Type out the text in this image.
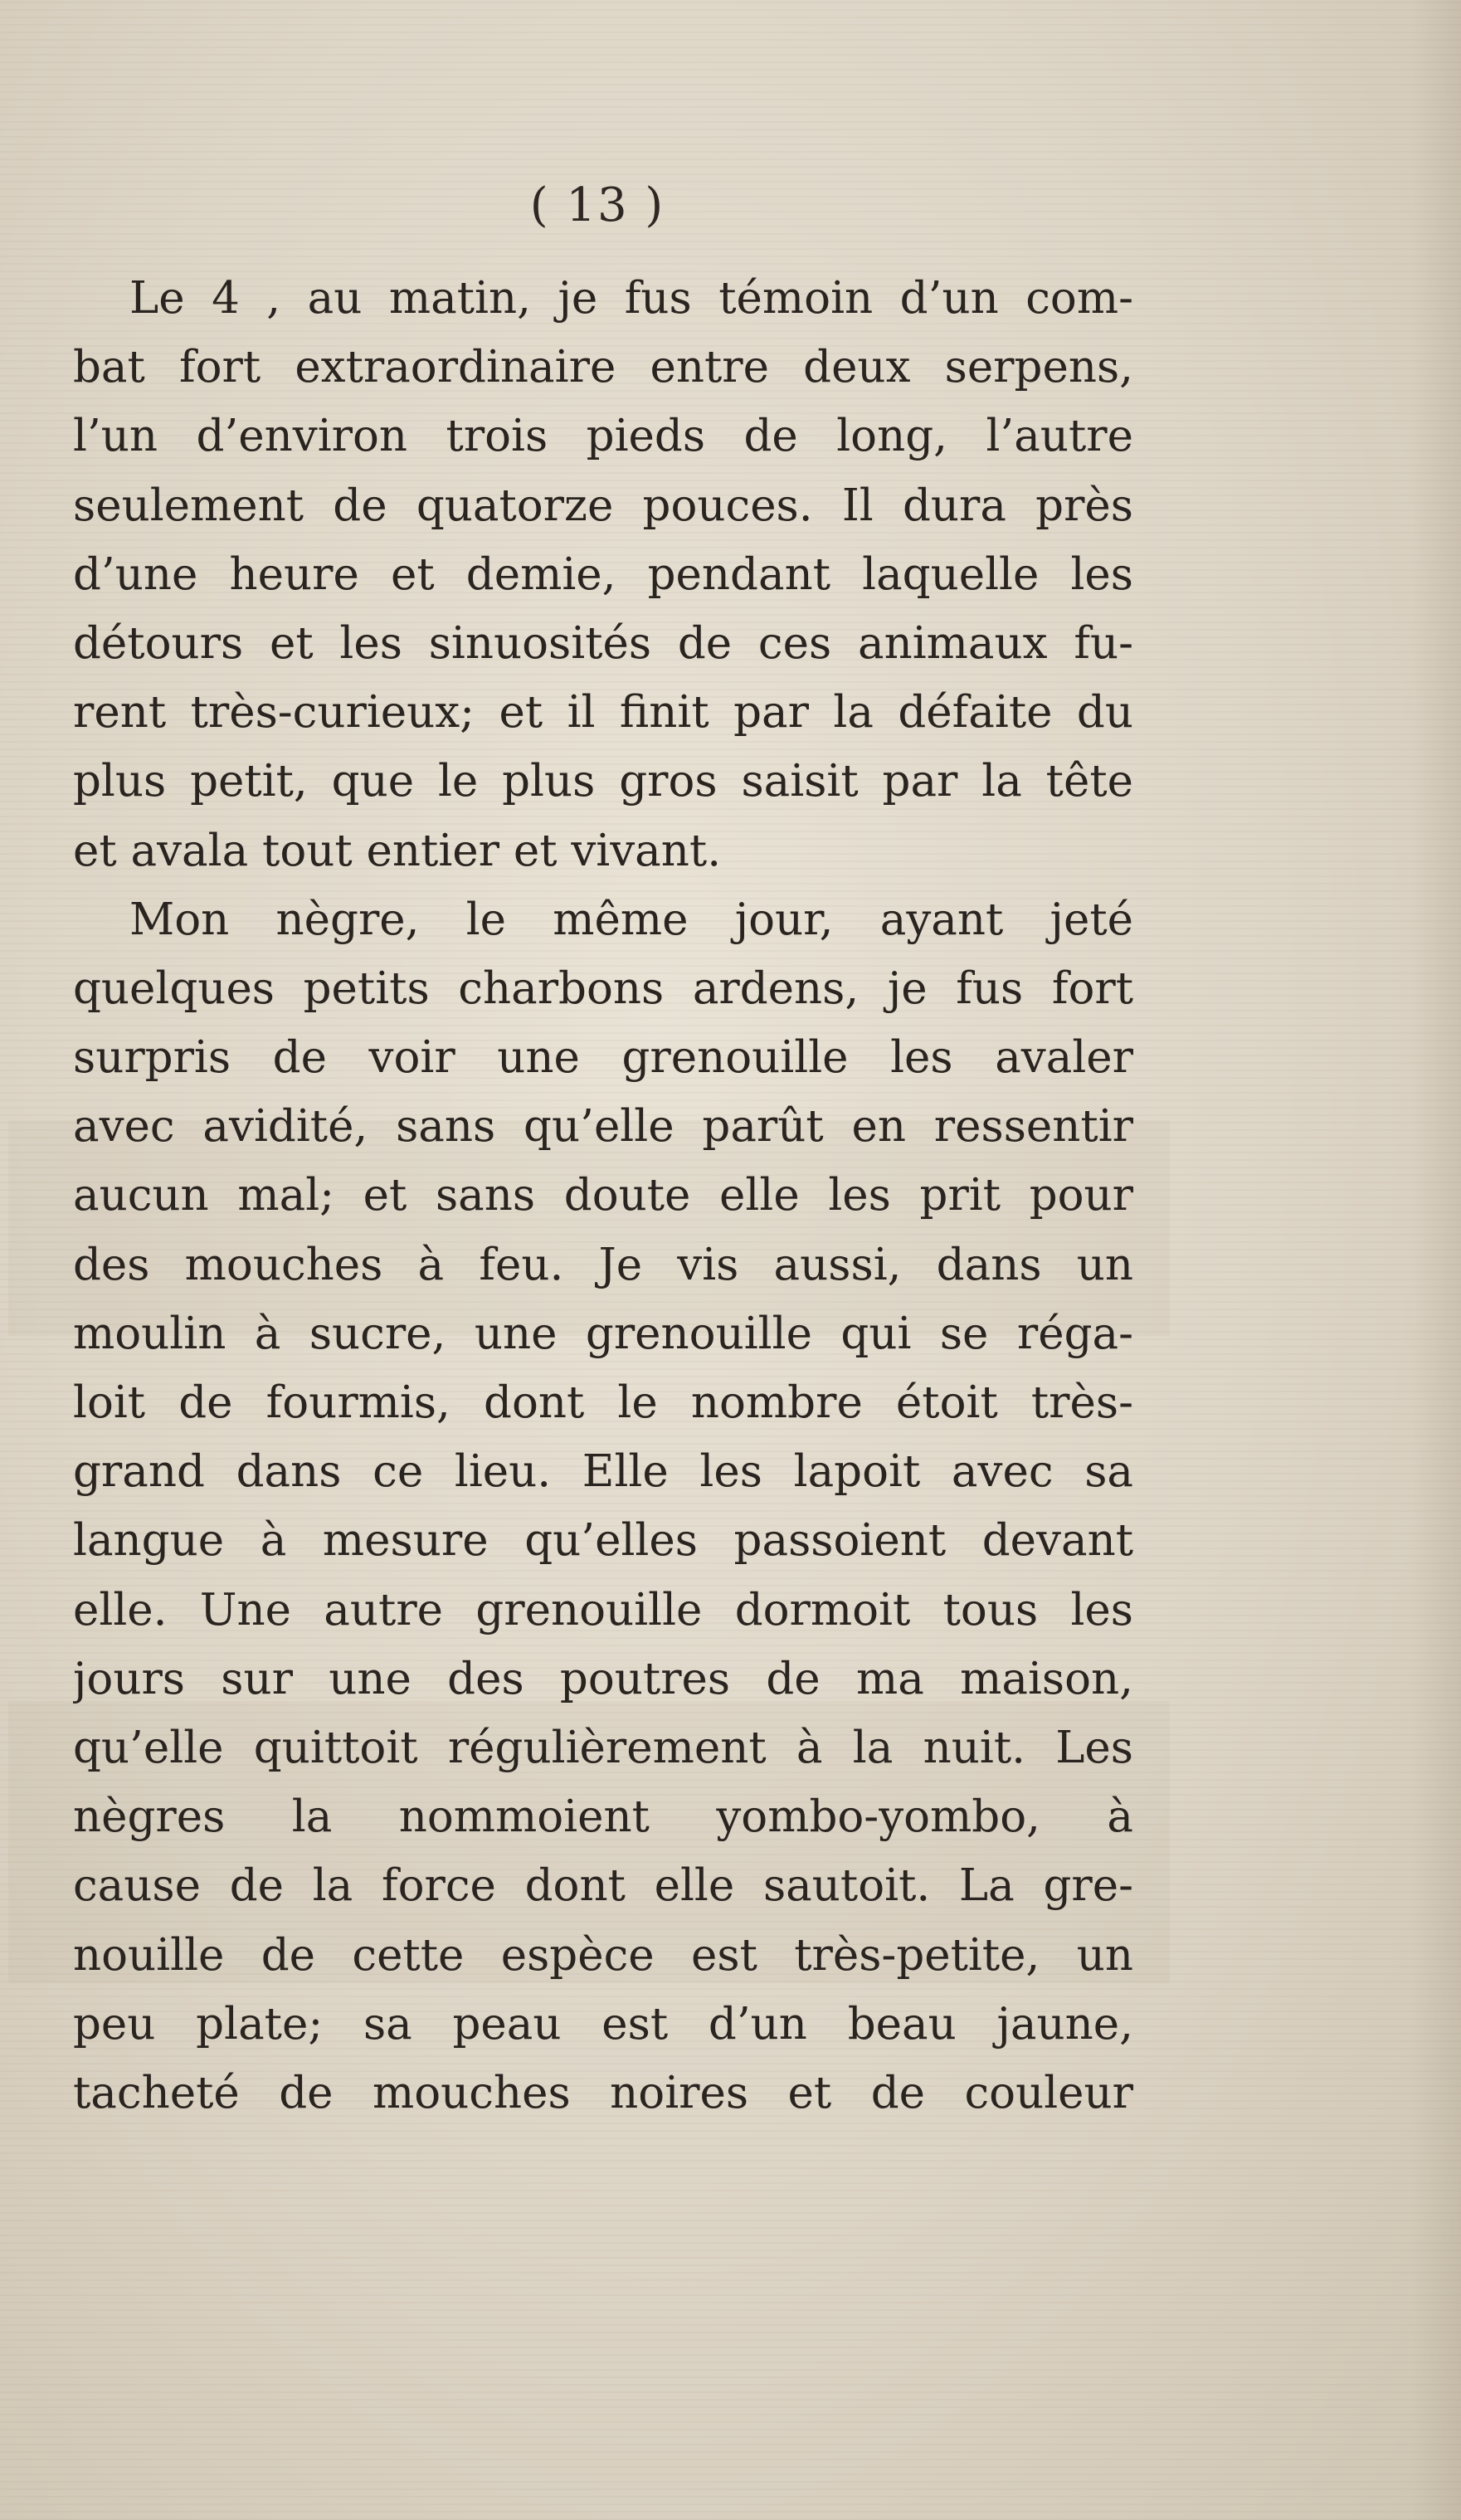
( 13 )
Le 4 , au matin, je fus témoin d’un com-
bat fort extraordinaire entre deux serpens,
l’un d’environ trois pieds de long, l’autre
seulement de quatorze pouces. Il dura près
d’une heure et demie, pendant laquelle les
détours et les sinuosités de ces animaux fu-
rent très-curieux; et il finit par la défaite du
plus petit, que le plus gros saisit par la tête
et avala tout entier et vivant.
Mon nègre, le même jour, ayant jeté
quelques petits charbons ardens, je fus fort
surpris de voir une grenouille les avaler
avec avidité, sans qu’elle parût en ressentir
aucun mal; et sans doute elle les prit pour
des mouches à feu. Je vis aussi, dans un
moulin à sucre, une grenouille qui se réga-
loit de fourmis, dont le nombre étoit très-
grand dans ce lieu. Elle les lapoit avec sa
langue à mesure qu’elles passoient devant
elle. Une autre grenouille dormoit tous les
jours sur une des poutres de ma maison,
qu’elle quittoit régulièrement à la nuit. Les
nègres la nommoient yombo-yombo, à
cause de la force dont elle sautoit. La gre-
nouille de cette espèce est très-petite, un
peu plate; sa peau est d’un beau jaune,
tacheté de mouches noires et de couleur
